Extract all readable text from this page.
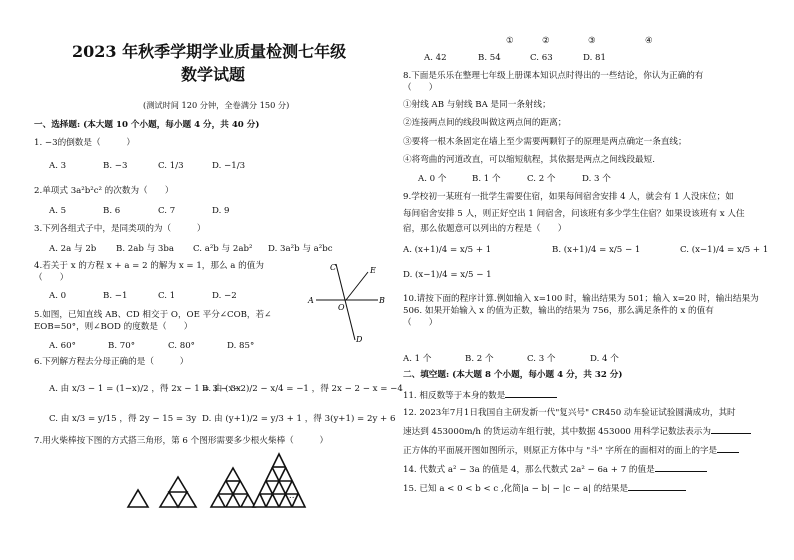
2023 年秋季学期学业质量检测七年级
数学试题
(测试时间 120 分钟，全卷满分 150 分)
一、选择题: (本大题 10 个小题，每小题 4 分，共 40 分)
1. −3的倒数是（　　　）
A. 3	B. −3	C. 1/3	D. −1/3
2.单项式 3a²b²c² 的次数为（　　）
A. 5	B. 6	C. 7	D. 9
3.下列各组式子中，是同类项的为（　　　）
A. 2a 与 2b B. 2ab 与 3ba C. a²b 与 2ab² D. 3a²b 与 a²bc
4.若关于 x 的方程 x + a = 2 的解为 x = 1，那么 a 的值为
（　　）
A. 0	B. −1	C. 1	D. −2	A	B
C
D
E
O
5.如图，已知直线 AB、CD 相交于 O，OE 平分∠COB，若∠
EOB=50°，则∠BOD 的度数是（　　）
A. 60°	B. 70°	C. 80°	D. 85°
6.下列解方程去分母正确的是（　　　）
A. 由 x/3 − 1 = (1−x)/2 ，得 2x − 1 = 3 − 3x
B. 由 (x−2)/2 − x/4 = −1 ，得 2x − 2 − x = −4
C. 由 x/3 = y/15 ，得 2y − 15 = 3y D. 由 (y+1)/2 = y/3 + 1 ，得 3(y+1) = 2y + 6
7.用火柴棒按下图的方式搭三角形，第 6 个图形需要多少根火柴棒（　　　）
…
①	②	③	④
A. 42	B. 54	C. 63	D. 81
8.下面是乐乐在整理七年级上册课本知识点时得出的一些结论，你认为正确的有
（　　）
①射线 AB 与射线 BA 是同一条射线；
②连接两点间的线段叫做这两点间的距离；
③要将一根木条固定在墙上至少需要两颗钉子的原理是两点确定一条直线；
④将弯曲的河道改直，可以缩短航程，其依据是两点之间线段最短.
A. 0 个	B. 1 个	C. 2 个	D. 3 个
9.学校初一某班有一批学生需要住宿，如果每间宿舍安排 4 人，就会有 1 人没床位；如
每间宿舍安排 5 人，则正好空出 1 间宿舍，问该班有多少学生住宿？如果设该班有 x 人住
宿，那么依题意可以列出的方程是（　　）
A. (x+1)/4 = x/5 + 1	B. (x+1)/4 = x/5 − 1	C. (x−1)/4 = x/5 + 1
D. (x−1)/4 = x/5 − 1
10.请按下面的程序计算.例如输入 x=100 时，输出结果为 501；输入 x=20 时，输出结果为
506. 如果开始输入 x 的值为正数，输出的结果为 756，那么满足条件的 x 的值有
（　　）
A. 1 个	B. 2 个	C. 3 个	D. 4 个
二、填空题: (本大题 8 个小题，每小题 4 分，共 32 分)
11. 相反数等于本身的数是
12. 2023年7月1日我国自主研发新一代"复兴号" CR450 动车验证试验圆满成功，其时
速达到 453000m/h 的货运动车组行驶，其中数据 453000 用科学记数法表示为
正方体的平面展开图如图所示，则原正方体中与 "斗" 字所在的面相对的面上的字是
14. 代数式 a² − 3a 的值是 4，那么代数式 2a² − 6a + 7 的值是
15. 已知 a < 0 < b < c ,化简|a − b| − |c − a| 的结果是
